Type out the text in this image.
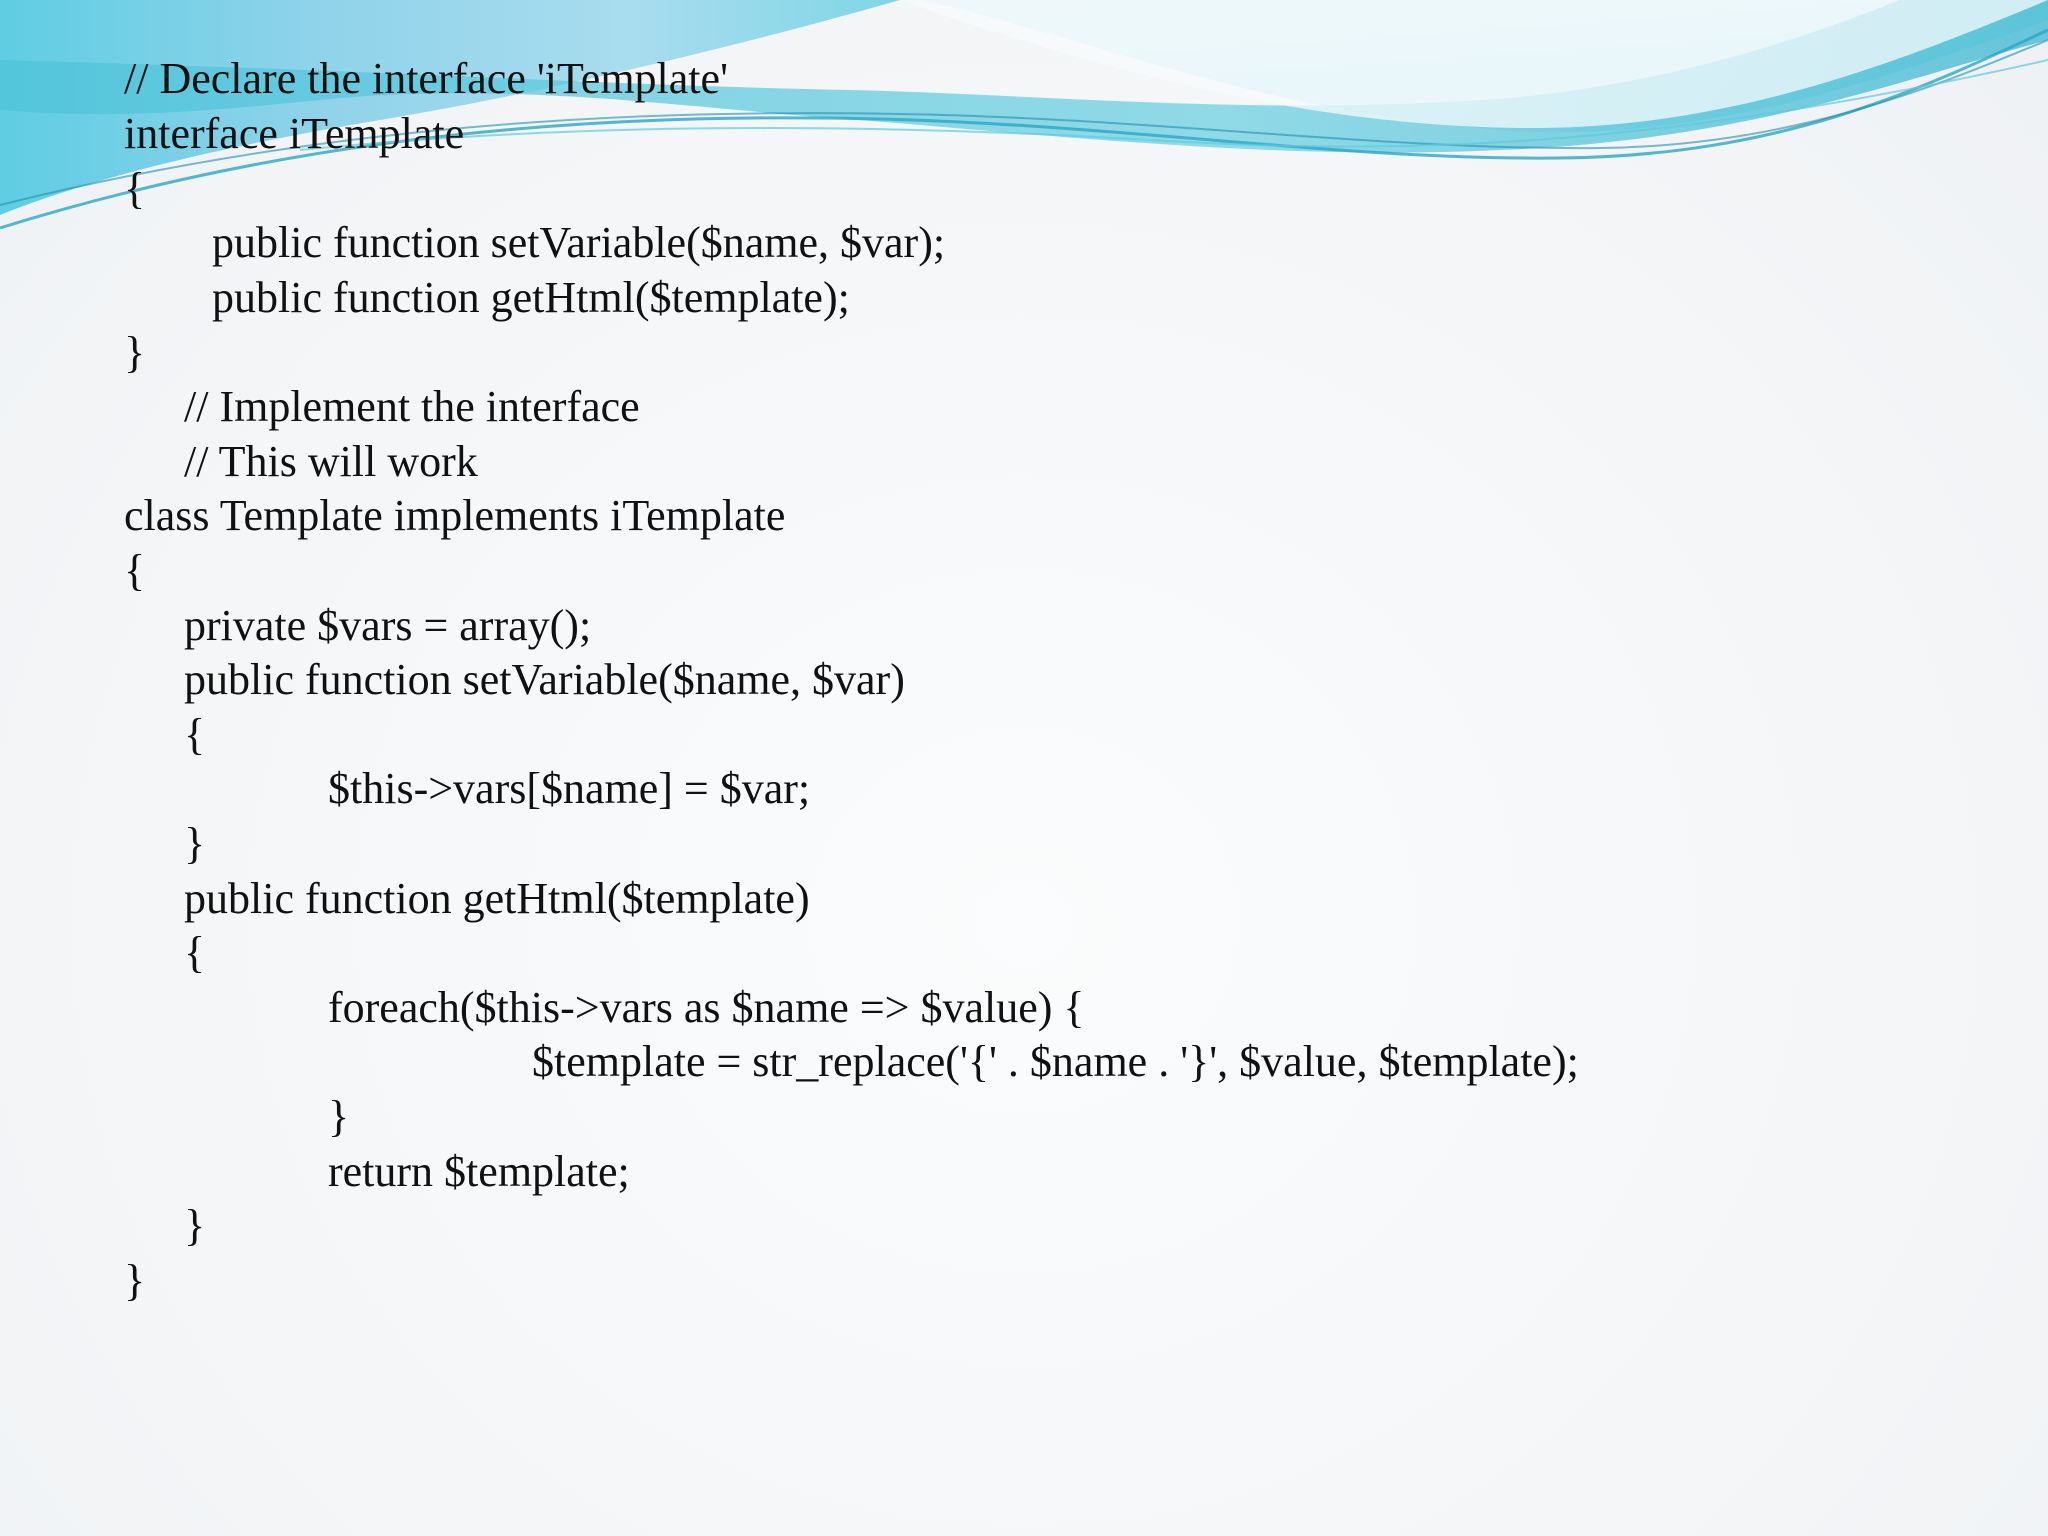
// Declare the interface 'iTemplate'
interface iTemplate
{
public function setVariable($name, $var);
public function getHtml($template);
}
// Implement the interface
// This will work
class Template implements iTemplate
{
private $vars = array();
public function setVariable($name, $var)
{
$this->vars[$name] = $var;
}
public function getHtml($template)
{
foreach($this->vars as $name => $value) {
$template = str_replace('{' . $name . '}', $value, $template);
}
return $template;
}
}
